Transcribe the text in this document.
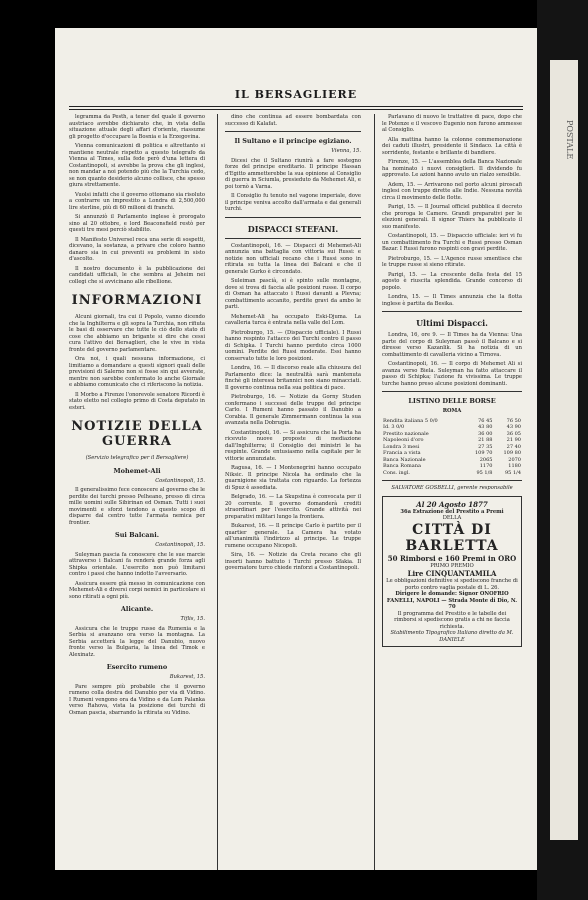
IL BERSAGLIERE

legramma da Pesth, a tener del quale il governo austriaco avrebbe dichiarato che, in vista della situazione attuale degli affari d'oriente, riassume gli progetto d'occupare la Bosnia e la Erzegovina.

Vienna comunicazioni di politica e altrettanto si mantiene neutrale rispetto a questo telegrafo da Vienna al Times, sulla fede però d'una lettera di Costantinopoli, si avrebbe la prova che gli inglesi, non mandar a noi potendo più che la Turchia cedo, se non quanto desiderio alcuno collisce, che spesso giura strettamente.

Vuolsi infatti che il governo ottomano sia risoluto a contrarre un imprestito a Londra di 2,500,000 lire sterline, più di 60 milioni di franchi.

Si annunziò il Parlamento inglese è prorogato sino al 20 ottobre, e lord Beaconsfield restò per questi tre mesi perciò stabilito.

Il Manifesto Universel reca una serie di sospetti, dicevano, la sostanza, a privare che coloro hanno danaro sia in cui preventi su problemi in sisto d'ascolto.

Il nostro documento è la pubblicazione dei candidati ufficiali, le che sembra ai Jeheim nei collegi che si avvicinano alle ribellione.

INFORMAZIONI

Alcuni giornali, tra cui il Popolo, vanno dicendo che la Inghilterra e gli sopra la Turchia, non rifiuta le basi di osservare che tutte le ciò dello stato di cose che abbiamo un brigante si dire che cessi cura l'attivo dei Bersaglieri, che le vive in vista fronte del governo parlamentare.

Ora noi, i quali nessuna informazione, ci limitiamo a domandare a questi signori quali delle previsioni di Salerno non si fosse sin qui avverate, mentre non sarebbe confermato lo anche Giornale e abbiamo comunicato che ci riferiscono la notizia.

Il Morbo a Firenze l'onorevole senatore Ricordi è stato eletto nel collegio primo di Costa deputato in esteri.

NOTIZIE DELLA GUERRA
(Servizio telegrafico per il Bersagliere)
Mohemet-Ali
Costantinopoli, 15.

Il generalissimo fece conoscere al governo che le perdite dei turchi presso Pelheano, presso di circa mille uomini sulle Sibirinan ed Osman. Tutti i suoi movimenti e sforzi tendono a questo scopo di disparre dal centro tutte l'armata nemica per frontier.

Sui Balcani.
Costantinopoli, 15.

Suleyman pascia fa conoscere che le sue marcie attraverso i Balcani fa renderà grande forza agli Shipka orientale. L'esercito non può limitarsi contro i passi che hanno indotto l'avversario.

Assicura essere già messo in comunicazione con Mehemet-Ali e diversi corpi nemici in particolare si sono ritirati a ogni più.

Alicante.
Tiflis, 15.

Assicura che le truppe russe da Rumenia e la Serbia si avanzano ora verso la montagna. La Serbia accetterà la legge del Danubio, nuovo fronte verso la Bulgaria, la linea del Timok e Alexinatz.

Esercito rumeno
Bukarest, 15.

Pare sempre più probabile che il governo rumeno colla destra del Danubio per via di Vidino. I Rumeni vengono ora da Vidino e da Lom Palanka verso Rahova, vista la posizione dei turchi di Osman pascia, sbarrando la ritirata su Vidino.

dino che continua ad essere bombardata con successo di Kalafat.

Il Sultano e il principe egiziano.
Vienna, 15.

Dicesi che il Sultano riunirà a fare sostegno forze del principe ereditario. Il principe Hassan d'Egitto ammetterebbe la sua opinione al Consiglio di guerra in Sciumla, presieduto da Mehemet Ali, e poi tornò a Varna.

Il Consiglio fu tenuto nel vagone imperiale, dove il principe veniva accolto dall'armata e dai generali turchi.

DISPACCI STEFANI.

Costantinopoli, 16. — Dispacci di Mehemet-Ali annunzia una battaglia con vittoria sui Russi: e notizie non ufficiali recano che i Russi sono in ritirata su tutta la linea dei Balcani e che il generale Gurko è circondato.

Suleiman pascià, si è spinto sulle montagne, dove si trova di faccia alle posizioni russe. Il corpo di Osman ha attaccato i Russi davanti a Plevna; combattimento accanito, perdite gravi da ambo le parti.

Mehemet-Ali ha occupato Eski-Djuma. La cavalleria turca è entrata nella valle del Lom.

Pietroburgo, 15. — (Dispaccio ufficiale). I Russi hanno respinto l'attacco dei Turchi contro il passo di Schipka. I Turchi hanno perduto circa 1000 uomini. Perdite dei Russi moderate. Essi hanno conservato tutte le loro posizioni.

Londra, 16. — Il discorso reale alla chiusura del Parlamento dice: la neutralità sarà mantenuta finchè gli interessi britannici non siano minacciati. Il governo continua nella sua politica di pace.

Pietroburgo, 16. — Notizie da Gorny Studen confermano i successi delle truppe del principe Carlo. I Rumeni hanno passato il Danubio a Corabia. Il generale Zimmermann continua la sua avanzata nella Dobrugia.

Costantinopoli, 16. — Si assicura che la Porta ha ricevuto nuove proposte di mediazione dall'Inghilterra; il Consiglio dei ministri le ha respinte. Grande entusiasmo nella capitale per le vittorie annunziate.

Ragusa, 16. — I Montenegrini hanno occupato Niksic. Il principe Nicola ha ordinato che la guarnigione sia trattata con riguardo. La fortezza di Spuz è assediata.

Belgrado, 16. — La Skupstina è convocata per il 20 corrente. Il governo domanderà crediti straordinari per l'esercito. Grande attività nei preparativi militari lungo la frontiera.

Bukarest, 16. — Il principe Carlo è partito per il quartier generale. La Camera ha votato all'unanimità l'indirizzo al principe. Le truppe rumene occupano Nicopoli.

Sira, 16. — Notizie da Creta recano che gli insorti hanno battuto i Turchi presso Sfakia. Il governatore turco chiede rinforzi a Costantinopoli.

Parlavano di nuovo le trattative di pace, dopo che le Potenze e il vescovo Eugenio non furono ammesse al Consiglio.

Alla mattina hanno la colonne commemorazione dei caduti illustri, presidente il Sindaco. La città è sorridente, festante e brillante di bandiere.

Firenze, 15. — L'assemblea della Banca Nazionale ha nominato i nuovi consiglieri. Il dividendo fu approvato. Le azioni hanno avuto un rialzo sensibile.

Adem, 15. — Arrivarono nel porto alcuni piroscafi inglesi con truppe dirette alle Indie. Nessuna novità circa il movimento delle flotte.

Parigi, 15. — Il Journal officiel pubblica il decreto che proroga le Camere. Grandi preparativi per le elezioni generali. Il signor Thiers ha pubblicato il suo manifesto.

Costantinopoli, 15. — Dispaccio ufficiale: ieri vi fu un combattimento fra Turchi e Russi presso Osman Bazar. I Russi furono respinti con gravi perdite.

Pietroburgo, 15. — L'Agence russe smentisce che le truppe russe si sieno ritirate.

Parigi, 15. — La crescente della festa del 15 agosto è riuscita splendida. Grande concorso di popolo.

Londra, 15. — Il Times annunzia che la flotta inglese è partita da Besika.

Ultimi Dispacci.

Londra, 16, ore 9. — Il Times ha da Vienna: Una parte del corpo di Suleyman passò il Balcano e si diresse verso Kazanlik. Si ha notizia di un combattimento di cavalleria vicino a Tirnova.

Costantinopoli, 16. — Il corpo di Mehemet Ali si avanza verso Biela. Suleyman ha fatto attaccare il passo di Schipka; l'azione fu vivissima. Le truppe turche hanno preso alcune posizioni dominanti.

LISTINO DELLE BORSE
ROMA
Rendita italiana 5 0/0	76 45	76 50
Id. 3 0/0	43 80	43 90
Prestito nazionale	36 00	36 05
Napoleoni d'oro	21 88	21 90
Londra 3 mesi	27 35	27 40
Francia a vista	109 70	109 80
Banca Nazionale	2065	2070
Banca Romana	1170	1180
Cons. ingl.	95 1/8	95 1/4
SALVATORE GOSBELLI, gerente responsabile
Al 20 Agosto 1877
36a Estrazione del Prestito a Premi
DELLA
CITTÀ DI BARLETTA
50 Rimborsi e 160 Premi in ORO
PRIMO PREMIO
Lire CINQUANTAMILA
Le obbligazioni definitive si spediscono franche di porto contro vaglia postale di L. 26.
Dirigere le domande: Signor ONOFRIO FANELLI, NAPOLI — Strada Monte di Dio, N. 70
Il programma del Prestito e le tabelle dei rimborsi si spediscono gratis a chi ne faccia richiesta.
Stabilimento Tipografico Italiano diretto da M. DANIELE
POSTALE
